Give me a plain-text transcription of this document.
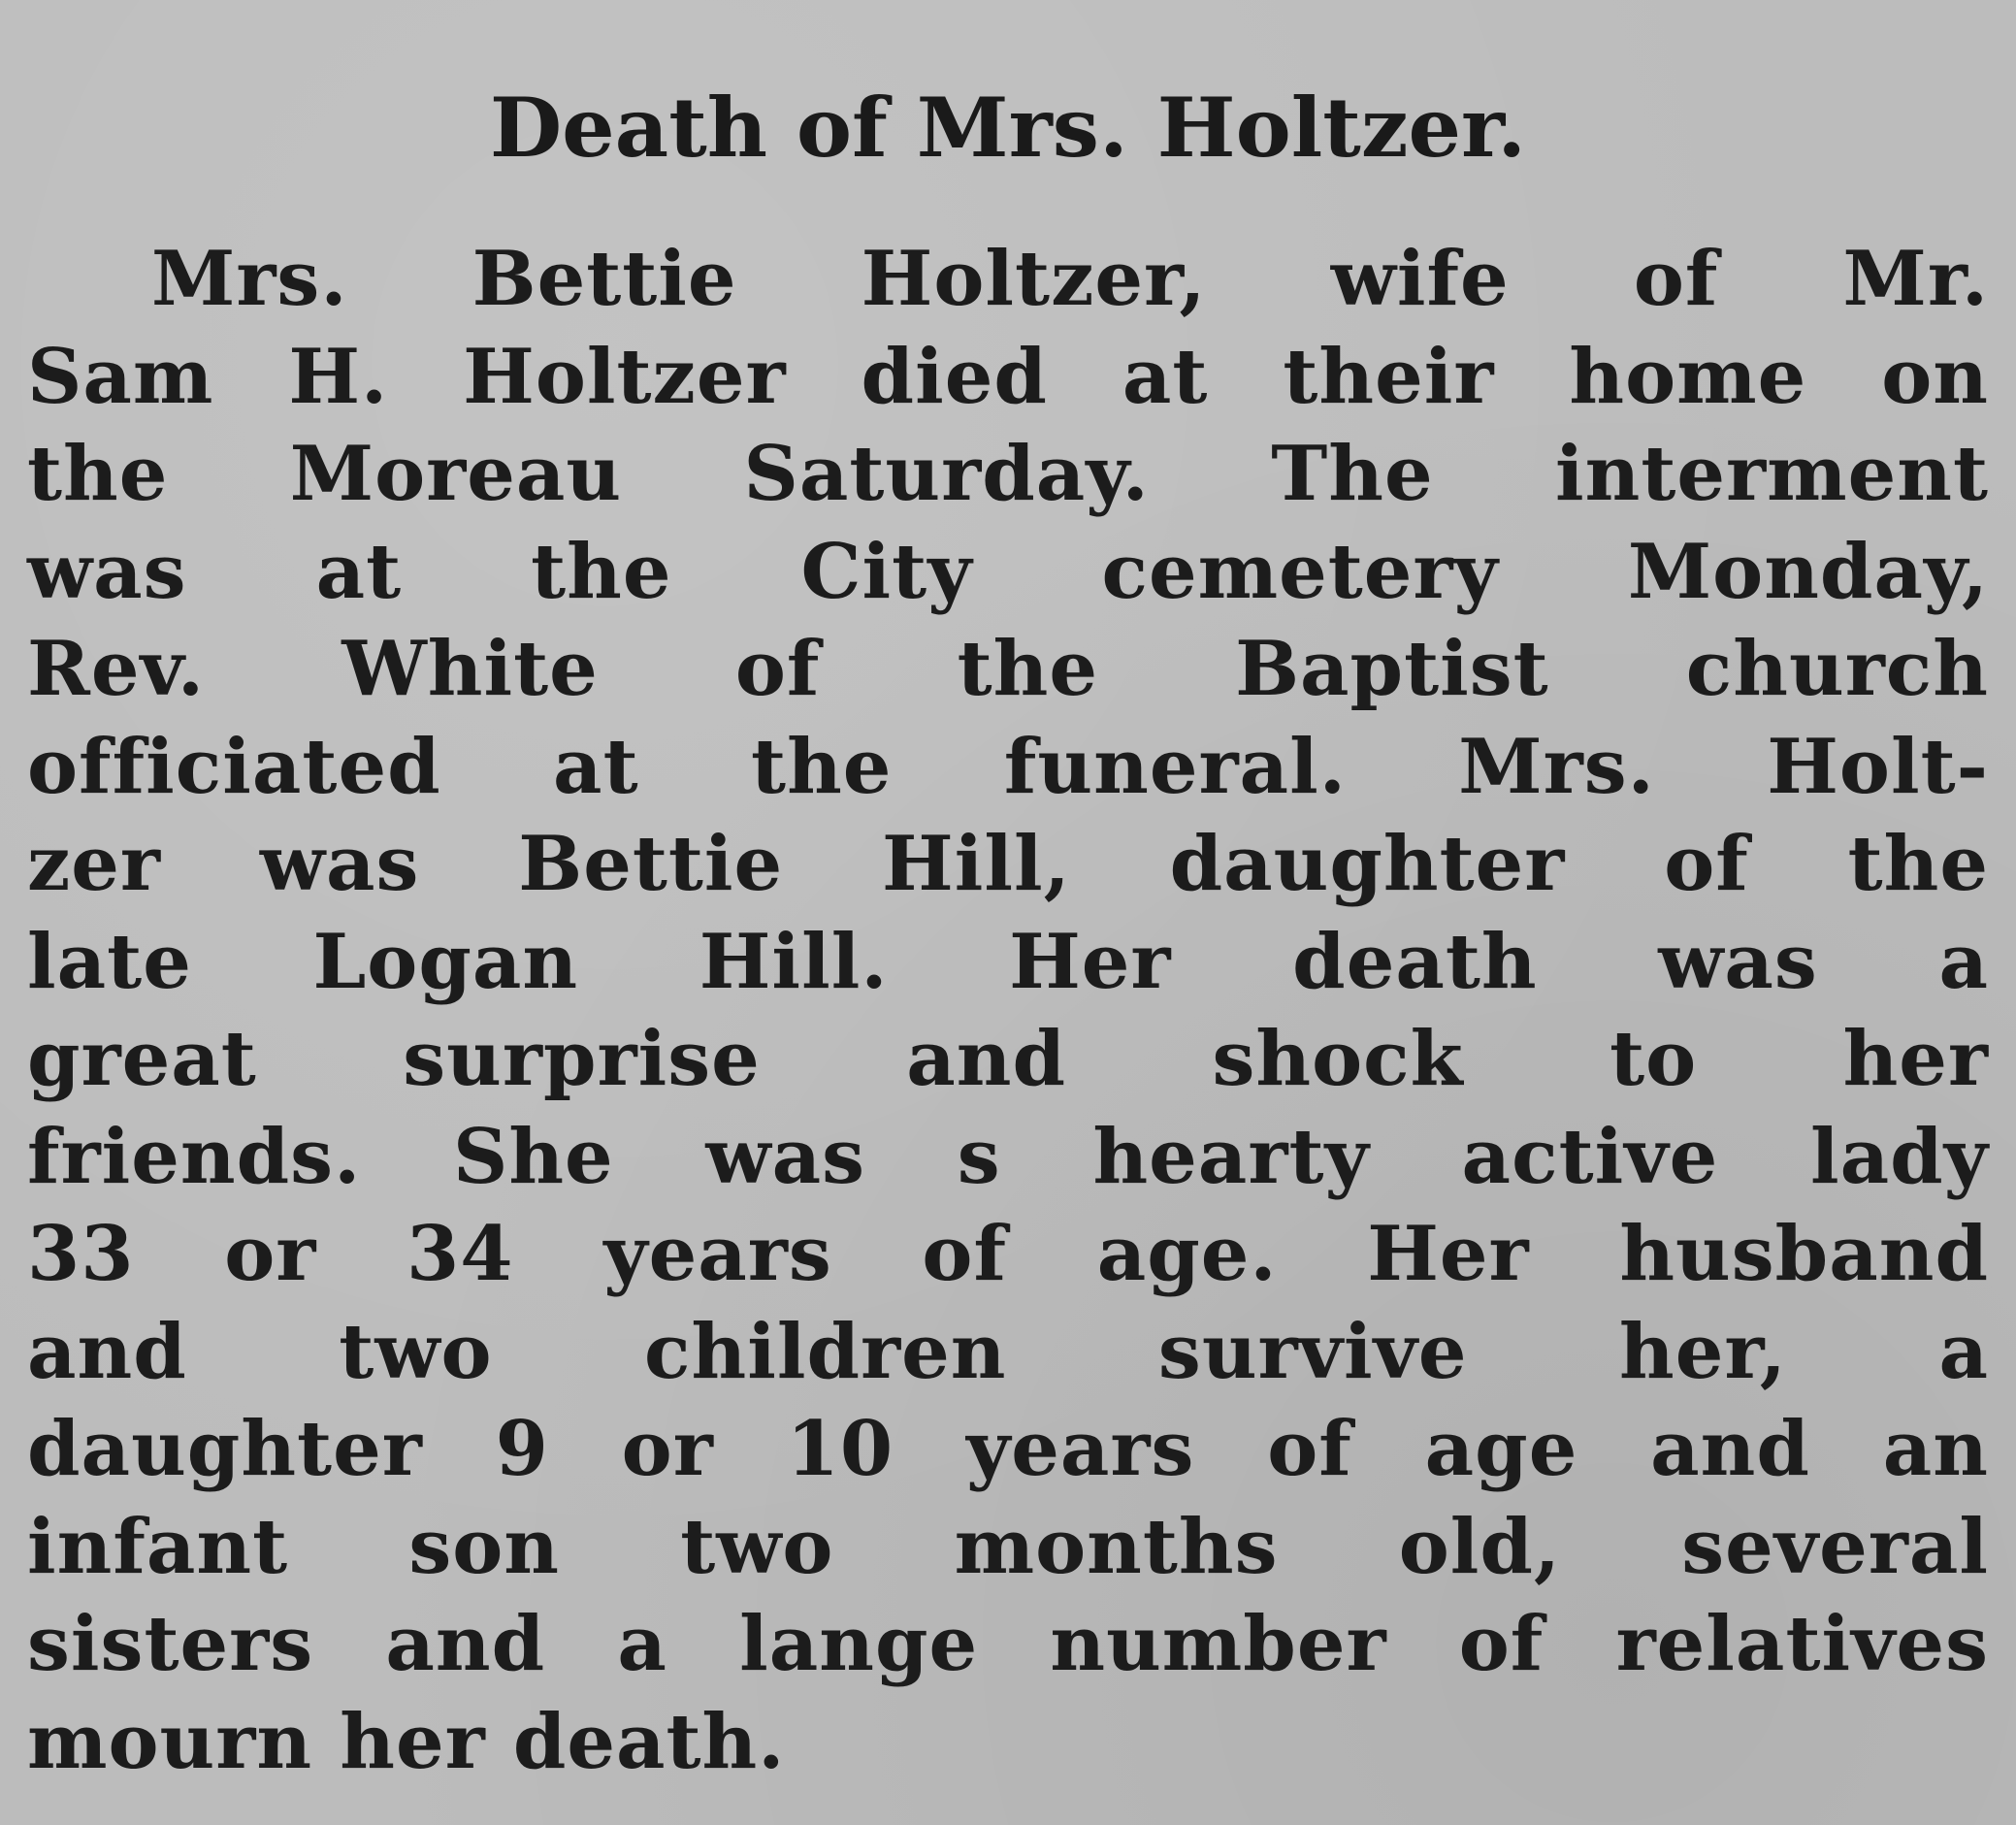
Death of Mrs. Holtzer.
Mrs. Bettie Holtzer, wife of Mr.
Sam H. Holtzer died at their home on
the Moreau Saturday. The interment
was at the City cemetery Monday,
Rev. White of the Baptist church
officiated at the funeral. Mrs. Holt-
zer was Bettie Hill, daughter of the
late Logan Hill. Her death was a
great surprise and shock to her
friends. She was s hearty active lady
33 or 34 years of age. Her husband
and two children survive her, a
daughter 9 or 10 years of age and an
infant son two months old, several
sisters and a lange number of relatives
mourn her death.
